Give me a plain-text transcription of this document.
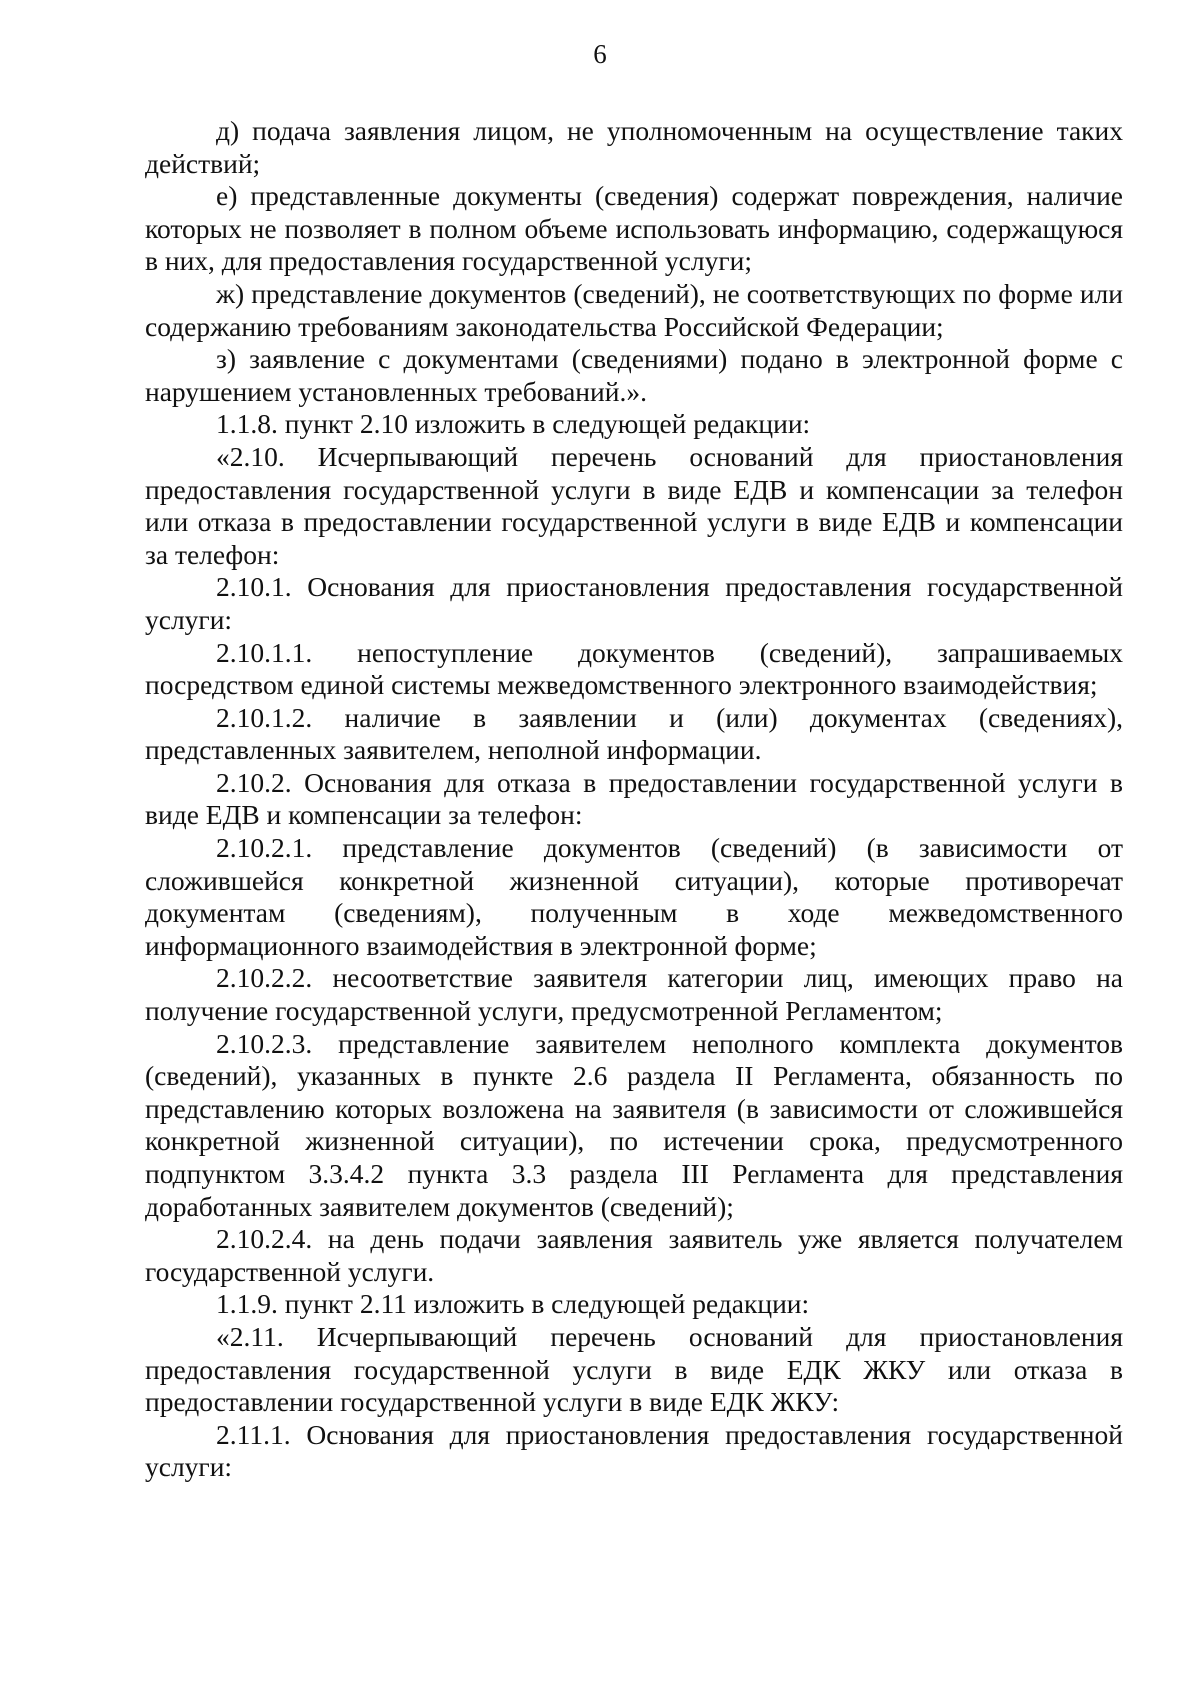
6

д) подача заявления лицом, не уполномоченным на осуществление таких действий;

е) представленные документы (сведения) содержат повреждения, наличие которых не позволяет в полном объеме использовать информацию, содержащуюся в них, для предоставления государственной услуги;

ж) представление документов (сведений), не соответствующих по форме или содержанию требованиям законодательства Российской Федерации;

з) заявление с документами (сведениями) подано в электронной форме с нарушением установленных требований.».

1.1.8. пункт 2.10 изложить в следующей редакции:

«2.10. Исчерпывающий перечень оснований для приостановления предоставления государственной услуги в виде ЕДВ и компенсации за телефон или отказа в предоставлении государственной услуги в виде ЕДВ и компенсации за телефон:

2.10.1. Основания для приостановления предоставления государственной услуги:

2.10.1.1. непоступление документов (сведений), запрашиваемых посредством единой системы межведомственного электронного взаимодействия;

2.10.1.2. наличие в заявлении и (или) документах (сведениях), представленных заявителем, неполной информации.

2.10.2. Основания для отказа в предоставлении государственной услуги в виде ЕДВ и компенсации за телефон:

2.10.2.1. представление документов (сведений) (в зависимости от сложившейся конкретной жизненной ситуации), которые противоречат документам (сведениям), полученным в ходе межведомственного информационного взаимодействия в электронной форме;

2.10.2.2. несоответствие заявителя категории лиц, имеющих право на получение государственной услуги, предусмотренной Регламентом;

2.10.2.3. представление заявителем неполного комплекта документов (сведений), указанных в пункте 2.6 раздела II Регламента, обязанность по представлению которых возложена на заявителя (в зависимости от сложившейся конкретной жизненной ситуации), по истечении срока, предусмотренного подпунктом 3.3.4.2 пункта 3.3 раздела III Регламента для представления доработанных заявителем документов (сведений);

2.10.2.4. на день подачи заявления заявитель уже является получателем государственной услуги.

1.1.9. пункт 2.11 изложить в следующей редакции:

«2.11. Исчерпывающий перечень оснований для приостановления предоставления государственной услуги в виде ЕДК ЖКУ или отказа в предоставлении государственной услуги в виде ЕДК ЖКУ:

2.11.1. Основания для приостановления предоставления государственной услуги:
